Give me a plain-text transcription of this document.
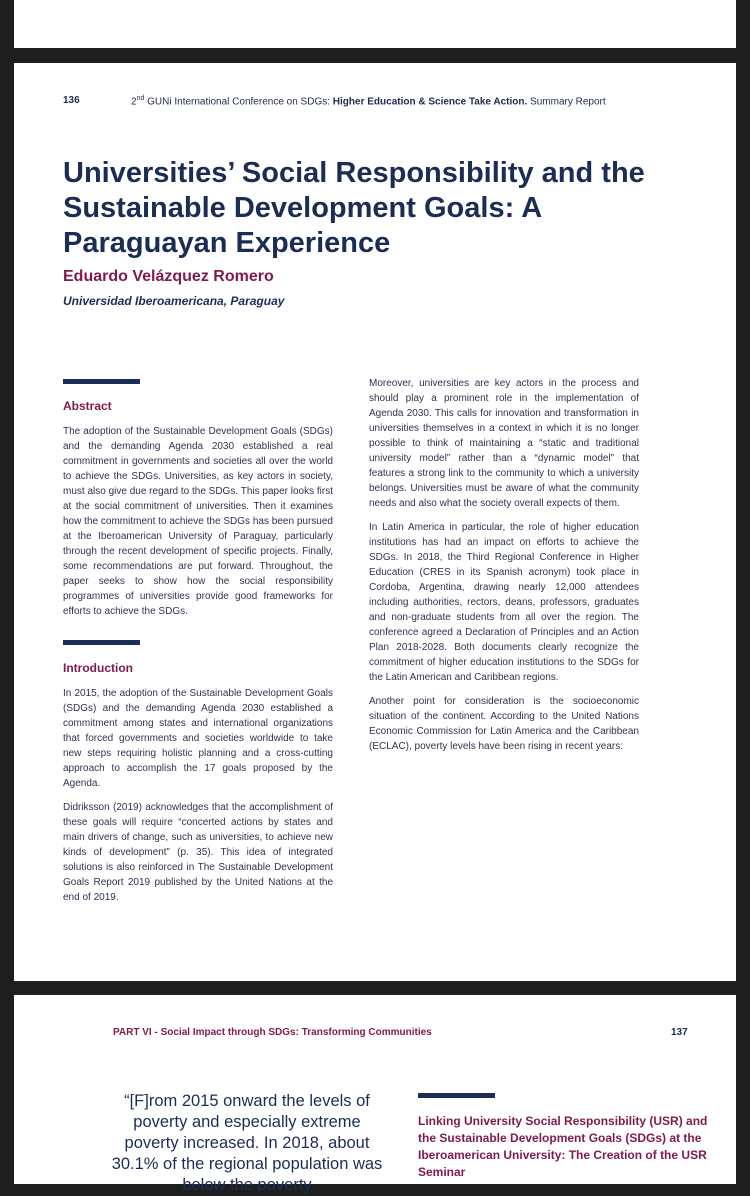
136	2nd GUNi International Conference on SDGs: Higher Education & Science Take Action. Summary Report
Universities’ Social Responsibility and the Sustainable Development Goals: A Paraguayan Experience
Eduardo Velázquez Romero
Universidad Iberoamericana, Paraguay
Abstract

The adoption of the Sustainable Development Goals (SDGs) and the demanding Agenda 2030 established a real commitment in governments and societies all over the world to achieve the SDGs. Universities, as key actors in society, must also give due regard to the SDGs. This paper looks first at the social commitment of universities. Then it examines how the commitment to achieve the SDGs has been pursued at the Iberoamerican University of Paraguay, particularly through the recent development of specific projects. Finally, some recommendations are put forward. Throughout, the paper seeks to show how the social responsibility programmes of universities provide good frameworks for efforts to achieve the SDGs.

Introduction

In 2015, the adoption of the Sustainable Development Goals (SDGs) and the demanding Agenda 2030 established a commitment among states and international organizations that forced governments and societies worldwide to take new steps requiring holistic planning and a cross-cutting approach to accomplish the 17 goals proposed by the Agenda.

Didriksson (2019) acknowledges that the accomplishment of these goals will require “concerted actions by states and main drivers of change, such as universities, to achieve new kinds of development” (p. 35). This idea of integrated solutions is also reinforced in The Sustainable Development Goals Report 2019 published by the United Nations at the end of 2019.

Moreover, universities are key actors in the process and should play a prominent role in the implementation of Agenda 2030. This calls for innovation and transformation in universities themselves in a context in which it is no longer possible to think of maintaining a “static and traditional university model” rather than a “dynamic model” that features a strong link to the community to which a university belongs. Universities must be aware of what the community needs and also what the society overall expects of them.

In Latin America in particular, the role of higher education institutions has had an impact on efforts to achieve the SDGs. In 2018, the Third Regional Conference in Higher Education (CRES in its Spanish acronym) took place in Cordoba, Argentina, drawing nearly 12,000 attendees including authorities, rectors, deans, professors, graduates and non-graduate students from all over the region. The conference agreed a Declaration of Principles and an Action Plan 2018-2028. Both documents clearly recognize the commitment of higher education institutions to the SDGs for the Latin American and Caribbean regions.

Another point for consideration is the socioeconomic situation of the continent. According to the United Nations Economic Commission for Latin America and the Caribbean (ECLAC), poverty levels have been rising in recent years:

PART VI - Social Impact through SDGs: Transforming Communities	137
“[F]rom 2015 onward the levels of poverty and especially extreme poverty increased. In 2018, about 30.1% of the regional population was below the poverty
Linking University Social Responsibility (USR) and the Sustainable Development Goals (SDGs) at the Iberoamerican University: The Creation of the USR Seminar
